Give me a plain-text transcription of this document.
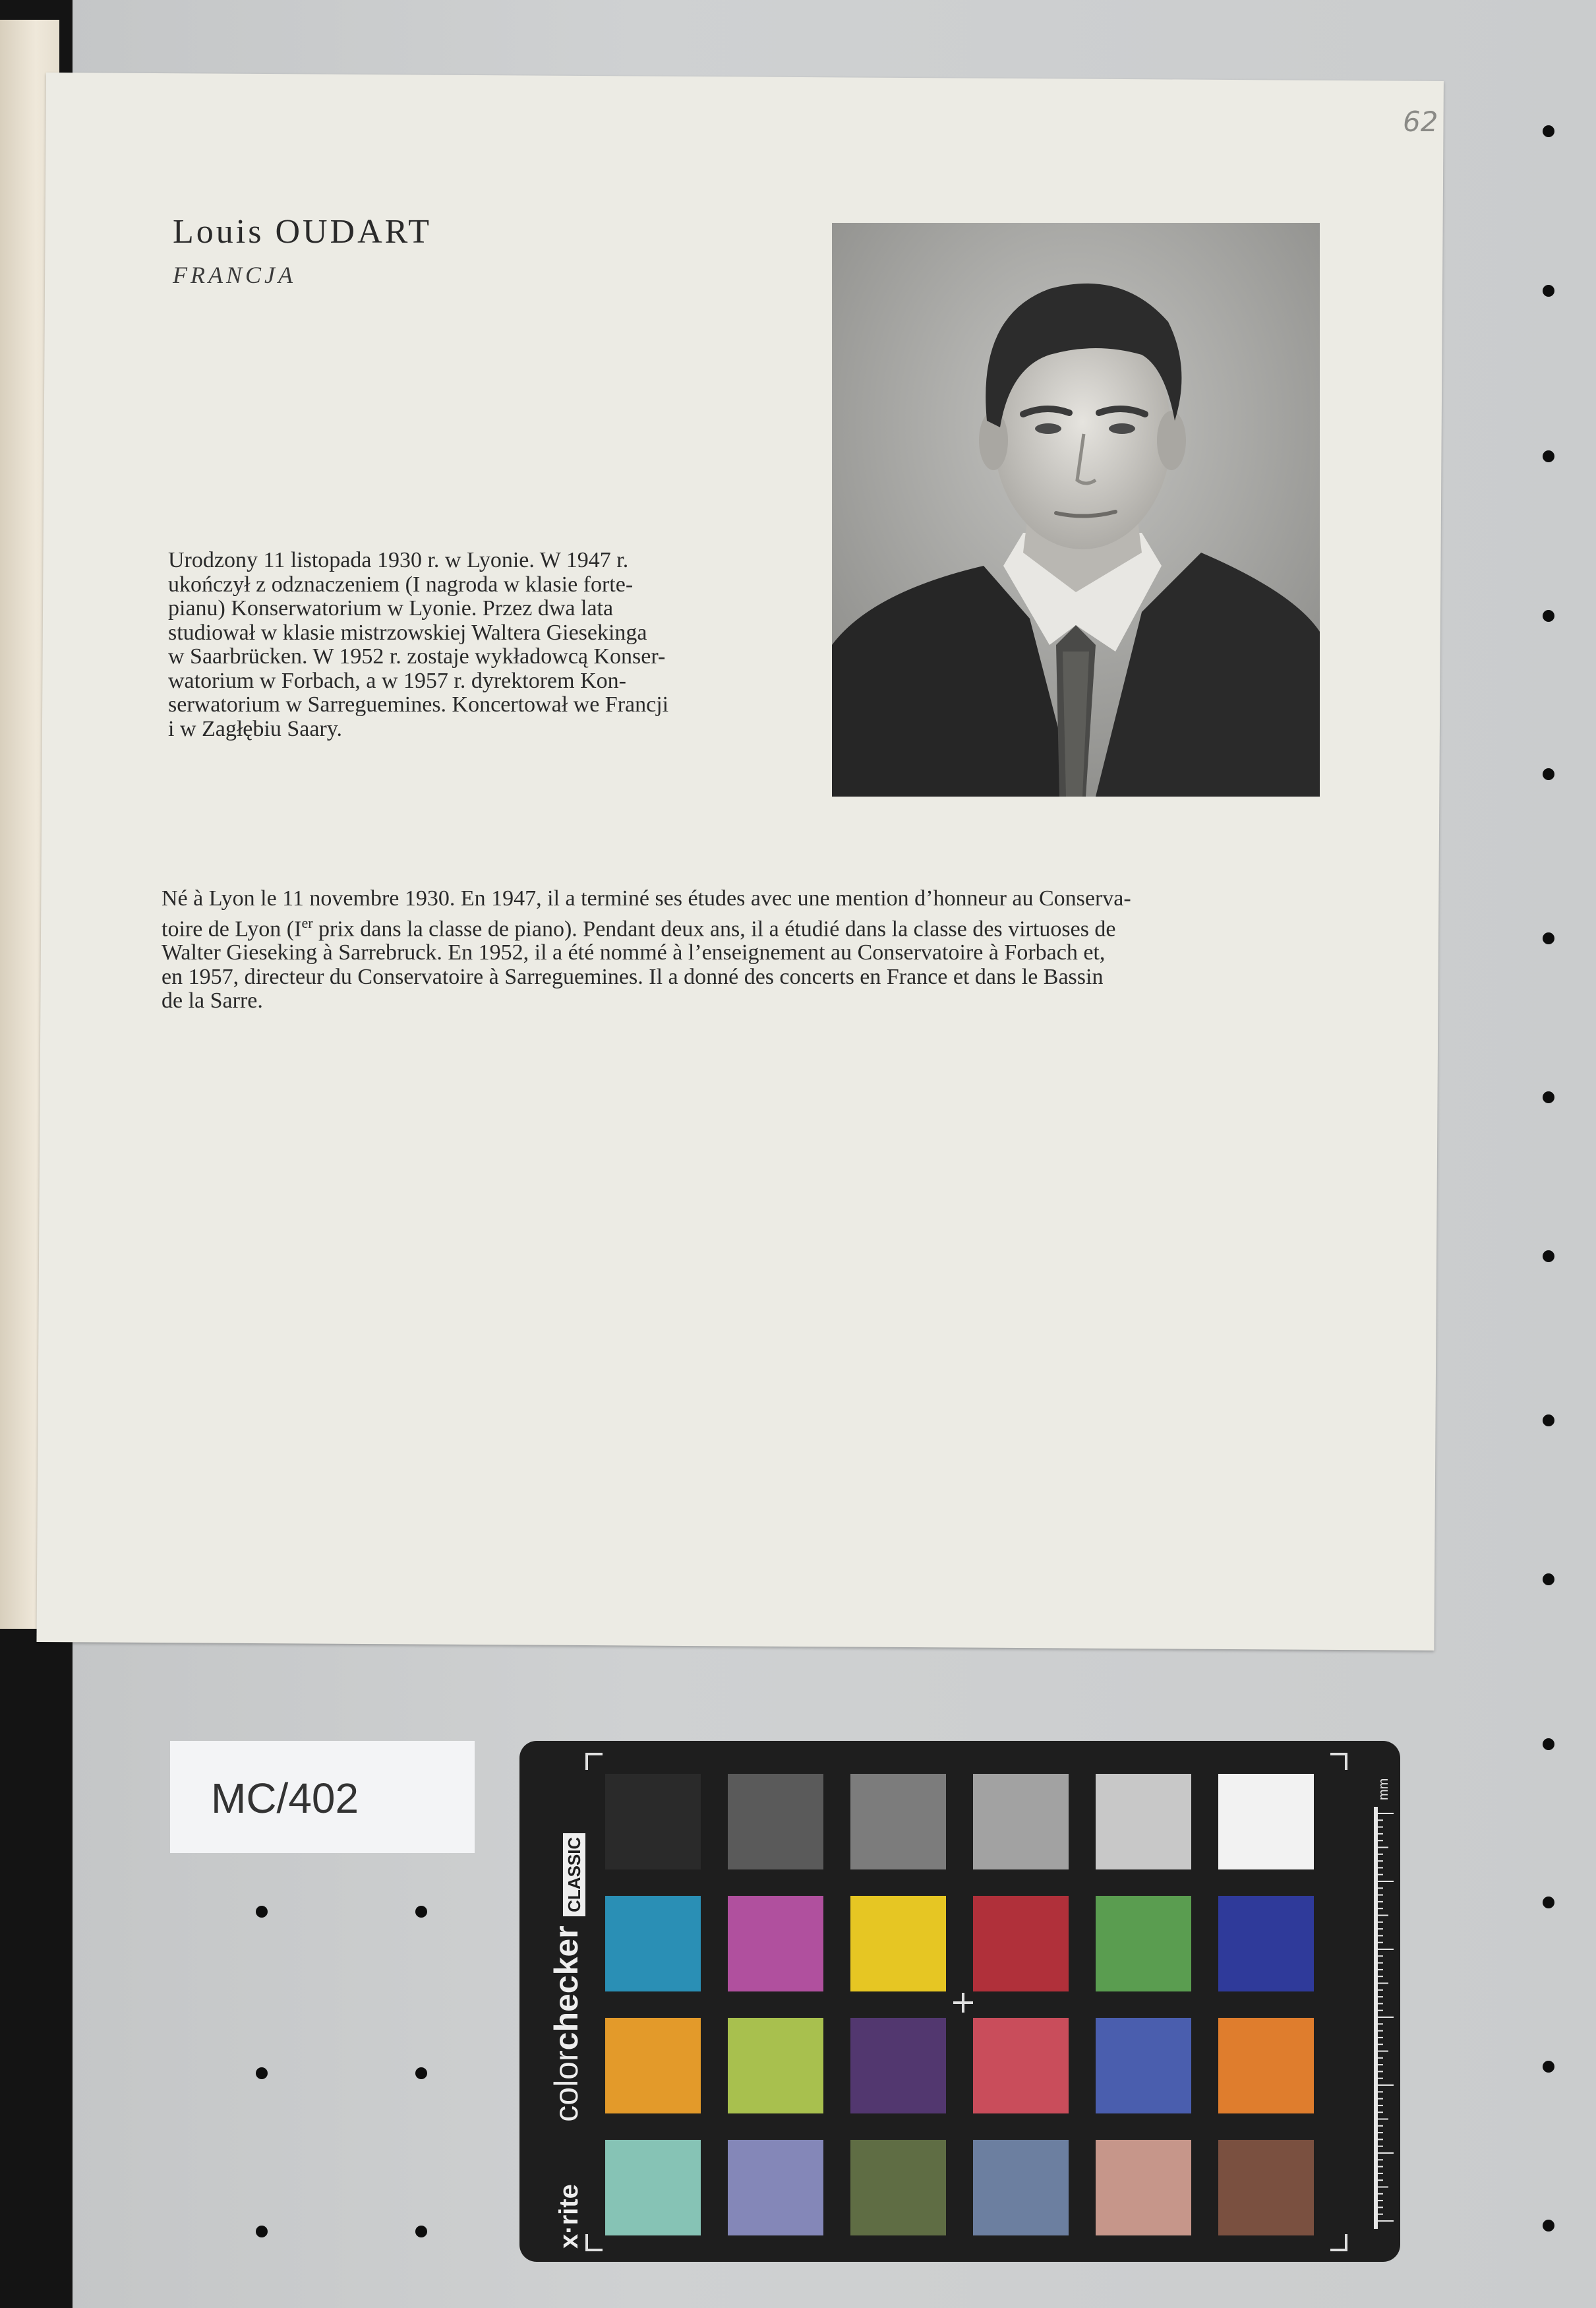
62
Louis OUDART
FRANCJA
Urodzony 11 listopada 1930 r. w Lyonie. W 1947 r.
ukończył z odznaczeniem (I nagroda w klasie forte-
pianu) Konserwatorium w Lyonie. Przez dwa lata
studiował w klasie mistrzowskiej Waltera Giesekinga
w Saarbrücken. W 1952 r. zostaje wykładowcą Konser-
watorium w Forbach, a w 1957 r. dyrektorem Kon-
serwatorium w Sarreguemines. Koncertował we Francji
i w Zagłębiu Saary.
Né à Lyon le 11 novembre 1930. En 1947, il a terminé ses études avec une mention d’honneur au Conserva-
toire de Lyon (Ier prix dans la classe de piano). Pendant deux ans, il a étudié dans la classe des virtuoses de
Walter Gieseking à Sarrebruck. En 1952, il a été nommé à l’enseignement au Conservatoire à Forbach et,
en 1957, directeur du Conservatoire à Sarreguemines. Il a donné des concerts en France et dans le Bassin
de la Sarre.
MC/402	mm
x·rite colorchecker CLASSIC
